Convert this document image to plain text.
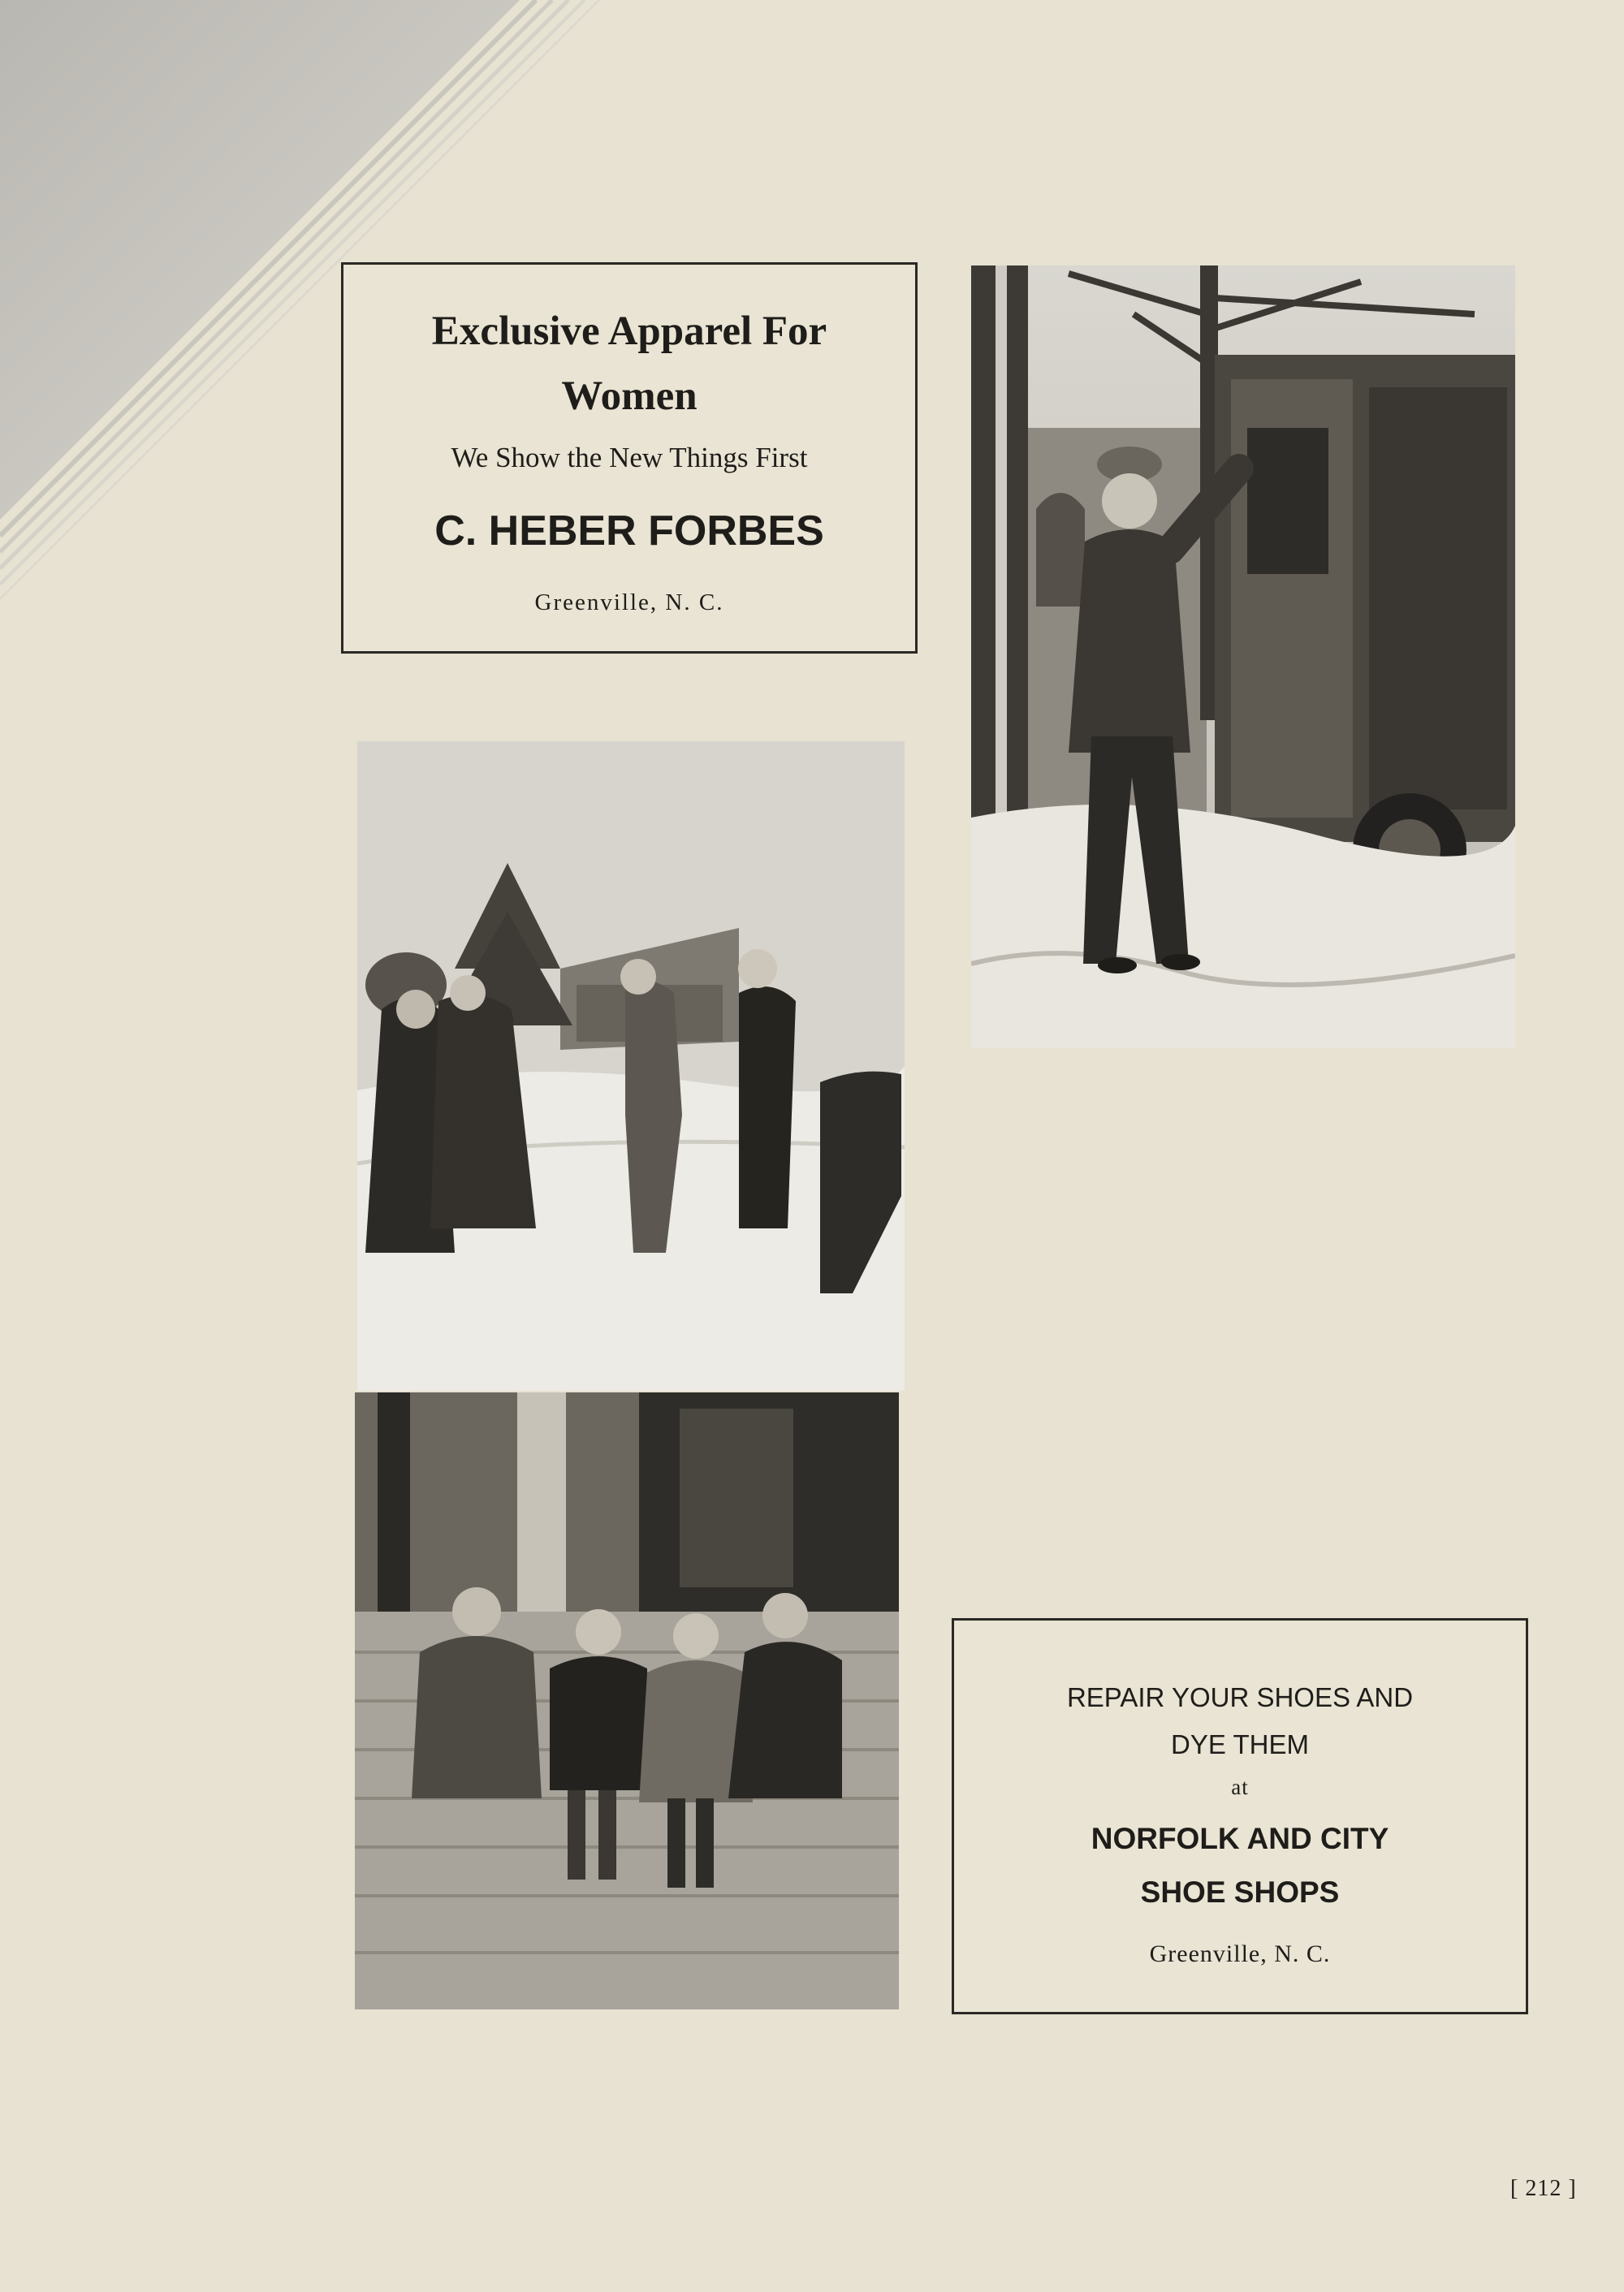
Exclusive Apparel For
Women
We Show the New Things First
C. HEBER FORBES
Greenville, N. C.
REPAIR YOUR SHOES AND
DYE THEM
at
NORFOLK AND CITY
SHOE SHOPS
Greenville, N. C.
[ 212 ]
